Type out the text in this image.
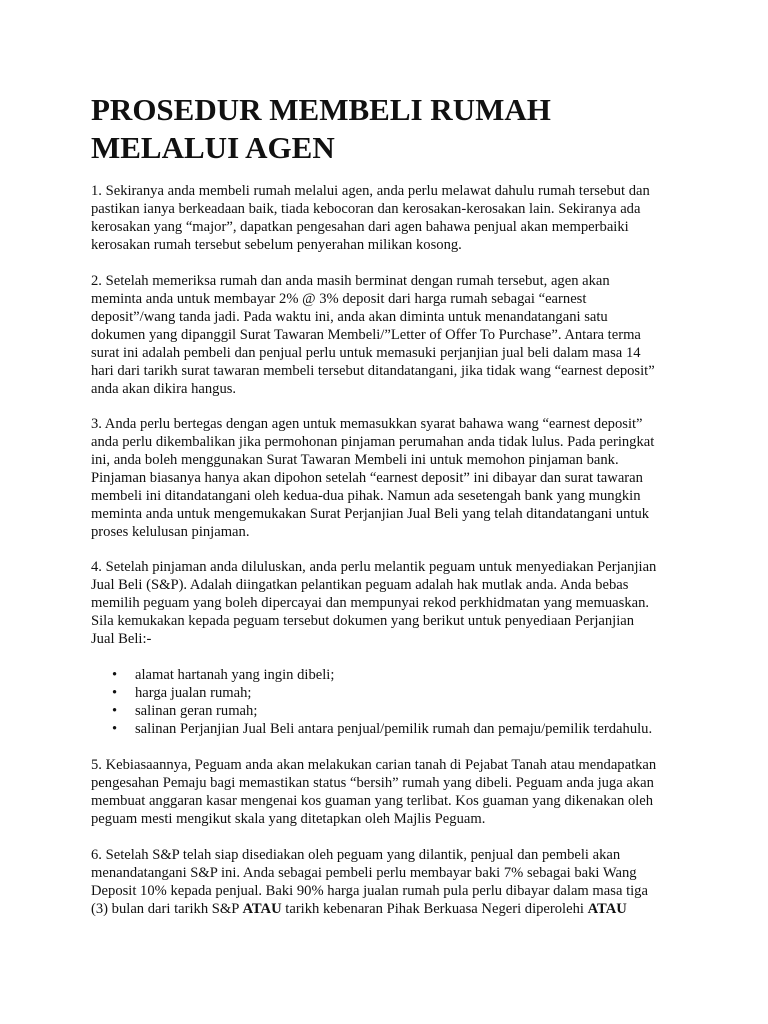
PROSEDUR MEMBELI RUMAH
MELALUI AGEN
1. Sekiranya anda membeli rumah melalui agen, anda perlu melawat dahulu rumah tersebut dan
pastikan ianya berkeadaan baik, tiada kebocoran dan kerosakan-kerosakan lain. Sekiranya ada
kerosakan yang “major”, dapatkan pengesahan dari agen bahawa penjual akan memperbaiki
kerosakan rumah tersebut sebelum penyerahan milikan kosong.
2. Setelah memeriksa rumah dan anda masih berminat dengan rumah tersebut, agen akan
meminta anda untuk membayar 2% @ 3% deposit dari harga rumah sebagai “earnest
deposit”/wang tanda jadi. Pada waktu ini, anda akan diminta untuk menandatangani satu
dokumen yang dipanggil Surat Tawaran Membeli/”Letter of Offer To Purchase”. Antara terma
surat ini adalah pembeli dan penjual perlu untuk memasuki perjanjian jual beli dalam masa 14
hari dari tarikh surat tawaran membeli tersebut ditandatangani, jika tidak wang “earnest deposit”
anda akan dikira hangus.
3. Anda perlu bertegas dengan agen untuk memasukkan syarat bahawa wang “earnest deposit”
anda perlu dikembalikan jika permohonan pinjaman perumahan anda tidak lulus. Pada peringkat
ini, anda boleh menggunakan Surat Tawaran Membeli ini untuk memohon pinjaman bank.
Pinjaman biasanya hanya akan dipohon setelah “earnest deposit” ini dibayar dan surat tawaran
membeli ini ditandatangani oleh kedua-dua pihak. Namun ada sesetengah bank yang mungkin
meminta anda untuk mengemukakan Surat Perjanjian Jual Beli yang telah ditandatangani untuk
proses kelulusan pinjaman.
4. Setelah pinjaman anda diluluskan, anda perlu melantik peguam untuk menyediakan Perjanjian
Jual Beli (S&P). Adalah diingatkan pelantikan peguam adalah hak mutlak anda. Anda bebas
memilih peguam yang boleh dipercayai dan mempunyai rekod perkhidmatan yang memuaskan.
Sila kemukakan kepada peguam tersebut dokumen yang berikut untuk penyediaan Perjanjian
Jual Beli:-
• alamat hartanah yang ingin dibeli;
• harga jualan rumah;
• salinan geran rumah;
• salinan Perjanjian Jual Beli antara penjual/pemilik rumah dan pemaju/pemilik terdahulu.
5. Kebiasaannya, Peguam anda akan melakukan carian tanah di Pejabat Tanah atau mendapatkan
pengesahan Pemaju bagi memastikan status “bersih” rumah yang dibeli. Peguam anda juga akan
membuat anggaran kasar mengenai kos guaman yang terlibat. Kos guaman yang dikenakan oleh
peguam mesti mengikut skala yang ditetapkan oleh Majlis Peguam.
6. Setelah S&P telah siap disediakan oleh peguam yang dilantik, penjual dan pembeli akan
menandatangani S&P ini. Anda sebagai pembeli perlu membayar baki 7% sebagai baki Wang
Deposit 10% kepada penjual. Baki 90% harga jualan rumah pula perlu dibayar dalam masa tiga
(3) bulan dari tarikh S&P ATAU tarikh kebenaran Pihak Berkuasa Negeri diperolehi ATAU
